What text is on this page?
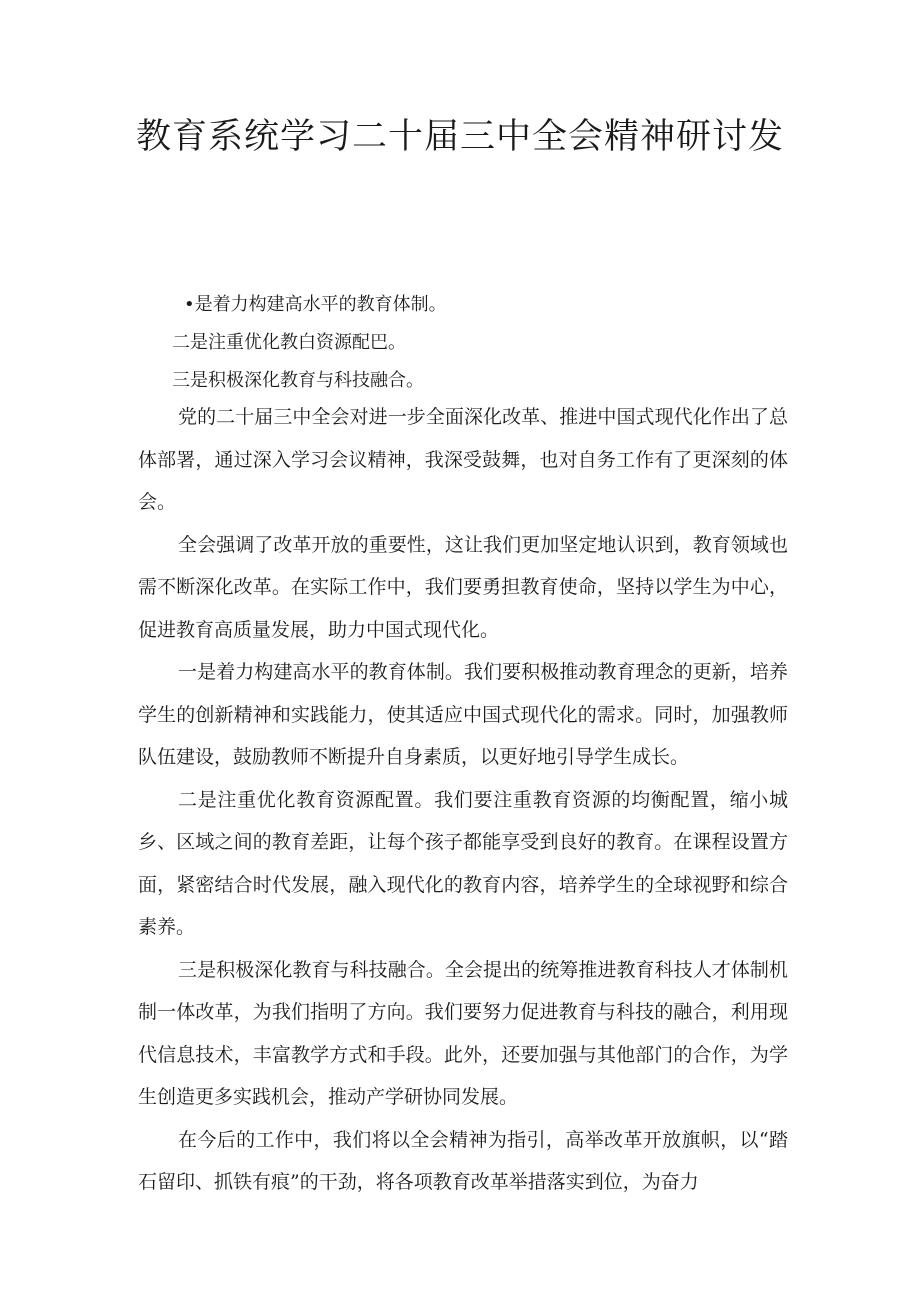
教育系统学习二十届三中全会精神研讨发

•是着力构建高水平的教育体制。

二是注重优化教白资源配巴。

三是积极深化教育与科技融合。

党的二十届三中全会对进一步全面深化改革、推进中国式现代化作出了总体部署，通过深入学习会议精神，我深受鼓舞，也对自务工作有了更深刻的体会。

全会强调了改革开放的重要性，这让我们更加坚定地认识到，教育领域也需不断深化改革。在实际工作中，我们要勇担教育使命，坚持以学生为中心，促进教育高质量发展，助力中国式现代化。

一是着力构建高水平的教育体制。我们要积极推动教育理念的更新，培养学生的创新精神和实践能力，使其适应中国式现代化的需求。同时，加强教师队伍建设，鼓励教师不断提升自身素质，以更好地引导学生成长。

二是注重优化教育资源配置。我们要注重教育资源的均衡配置，缩小城乡、区域之间的教育差距，让每个孩子都能享受到良好的教育。在课程设置方面，紧密结合时代发展，融入现代化的教育内容，培养学生的全球视野和综合素养。

三是积极深化教育与科技融合。全会提出的统筹推进教育科技人才体制机制一体改革，为我们指明了方向。我们要努力促进教育与科技的融合，利用现代信息技术，丰富教学方式和手段。此外，还要加强与其他部门的合作，为学生创造更多实践机会，推动产学研协同发展。

在今后的工作中，我们将以全会精神为指引，高举改革开放旗帜，以“踏石留印、抓铁有痕”的干劲，将各项教育改革举措落实到位，为奋力
